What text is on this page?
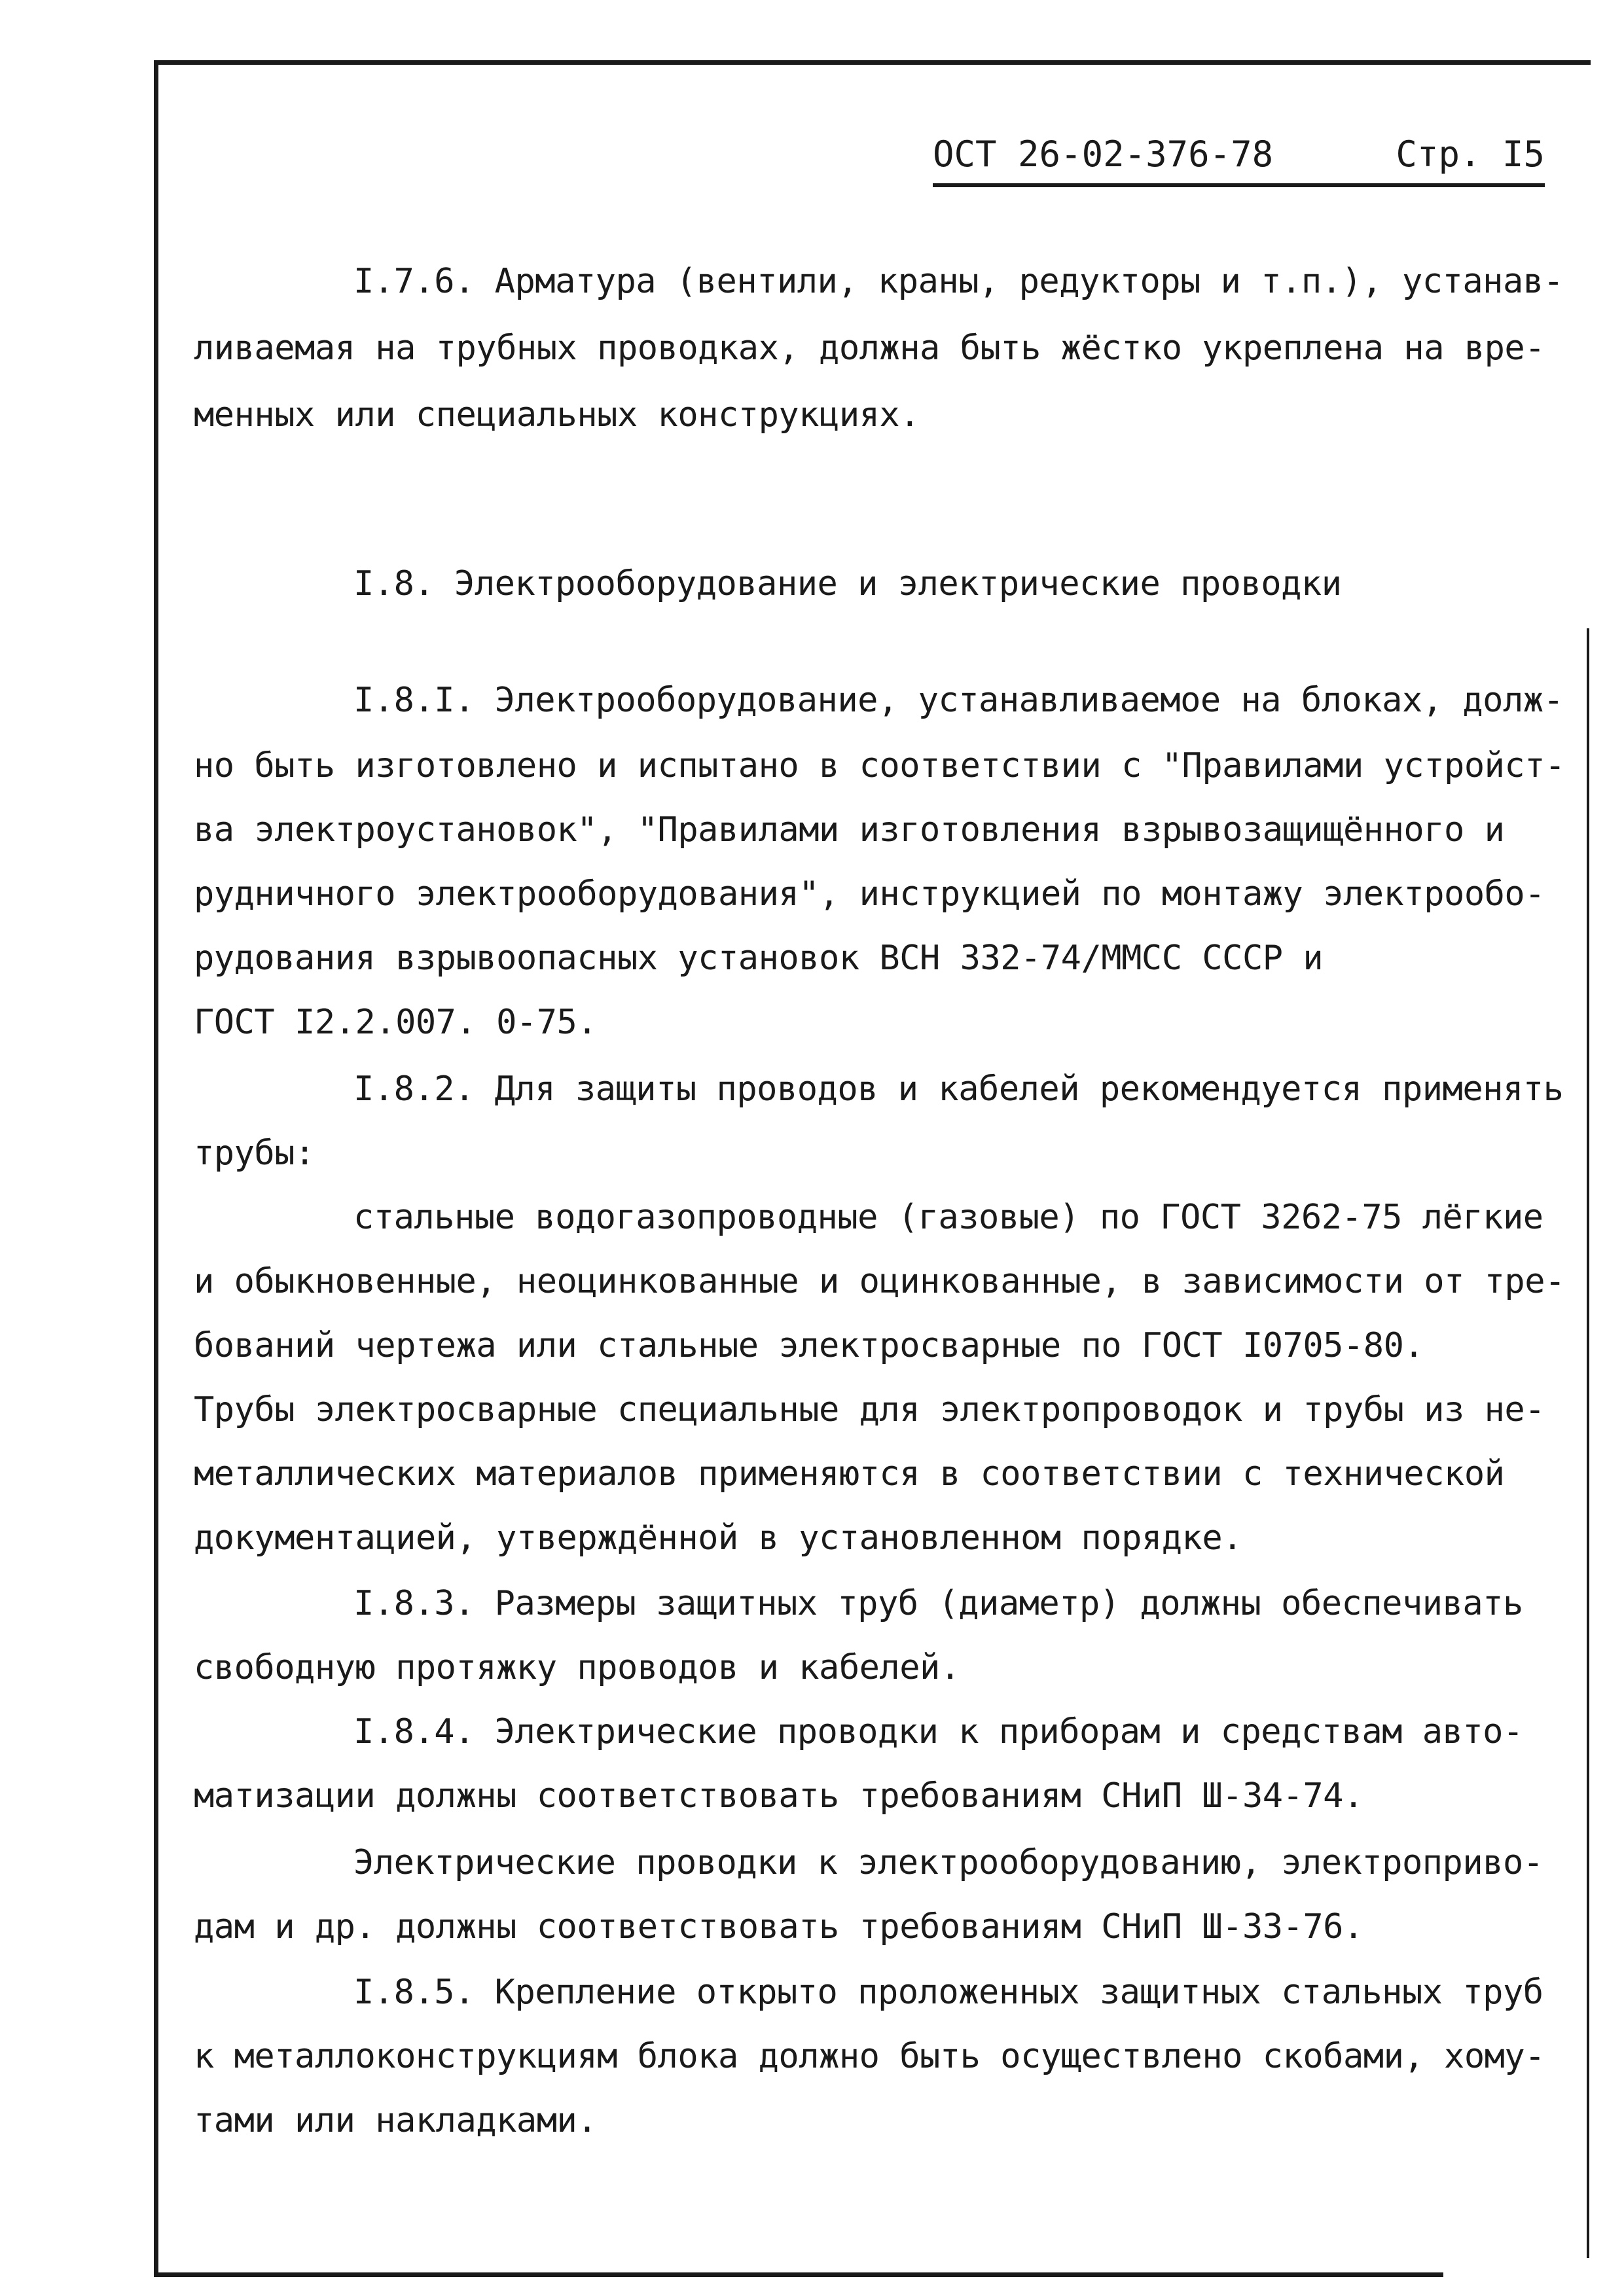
ОСТ 26-02-376-78	Стр. I5
I.7.6. Арматура (вентили, краны, редукторы и т.п.), устанав-
ливаемая на трубных проводках, должна быть жёстко укреплена на вре-
менных или специальных конструкциях.
I.8. Электрооборудование и электрические проводки
I.8.I. Электрооборудование, устанавливаемое на блоках, долж-
но быть изготовлено и испытано в соответствии с "Правилами устройст-
ва электроустановок", "Правилами изготовления взрывозащищённого и
рудничного электрооборудования", инструкцией по монтажу электрообо-
рудования взрывоопасных установок ВСН 332-74/ММСС СССР и
ГОСТ I2.2.007. 0-75.
I.8.2. Для защиты проводов и кабелей рекомендуется применять
трубы:
стальные водогазопроводные (газовые) по ГОСТ 3262-75 лёгкие
и обыкновенные, неоцинкованные и оцинкованные, в зависимости от тре-
бований чертежа или стальные электросварные по ГОСТ I0705-80.
Трубы электросварные специальные для электропроводок и трубы из не-
металлических материалов применяются в соответствии с технической
документацией, утверждённой в установленном порядке.
I.8.3. Размеры защитных труб (диаметр) должны обеспечивать
свободную протяжку проводов и кабелей.
I.8.4. Электрические проводки к приборам и средствам авто-
матизации должны соответствовать требованиям СНиП Ш-34-74.
Электрические проводки к электрооборудованию, электроприво-
дам и др. должны соответствовать требованиям СНиП Ш-33-76.
I.8.5. Крепление открыто проложенных защитных стальных труб
к металлоконструкциям блока должно быть осуществлено скобами, хому-
тами или накладками.
